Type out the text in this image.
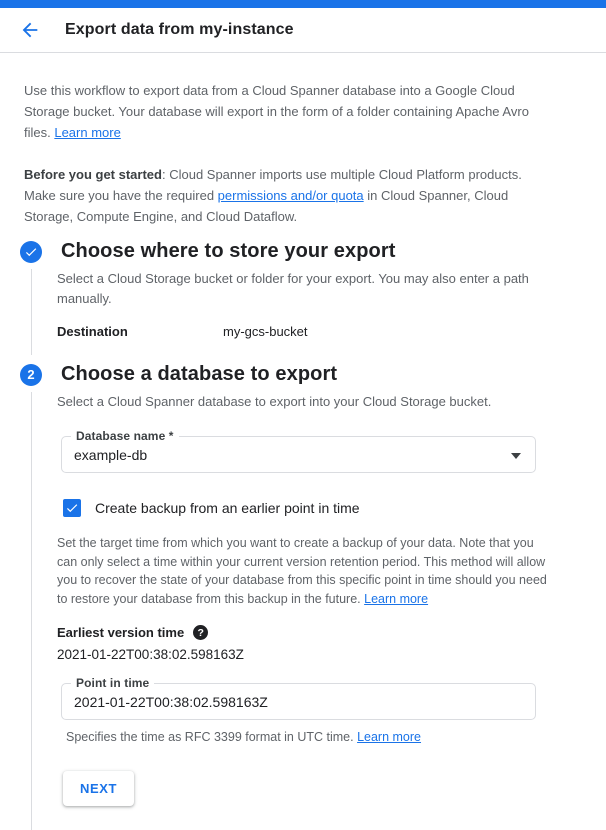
Export data from my-instance

Use this workflow to export data from a Cloud Spanner database into a Google Cloud Storage bucket. Your database will export in the form of a folder containing Apache Avro files. Learn more

Before you get started: Cloud Spanner imports use multiple Cloud Platform products. Make sure you have the required permissions and/or quota in Cloud Spanner, Cloud Storage, Compute Engine, and Cloud Dataflow.

Choose where to store your export

Select a Cloud Storage bucket or folder for your export. You may also enter a path manually.

Destination	my-gcs-bucket
2 Choose a database to export

Select a Cloud Spanner database to export into your Cloud Storage bucket.

Database name *
example-db
Create backup from an earlier point in time

Set the target time from which you want to create a backup of your data. Note that you can only select a time within your current version retention period. This method will allow you to recover the state of your database from this specific point in time should you need to restore your database from this backup in the future. Learn more

Earliest version time	?
2021-01-22T00:38:02.598163Z
Point in time
2021-01-22T00:38:02.598163Z

Specifies the time as RFC 3399 format in UTC time. Learn more

NEXT
